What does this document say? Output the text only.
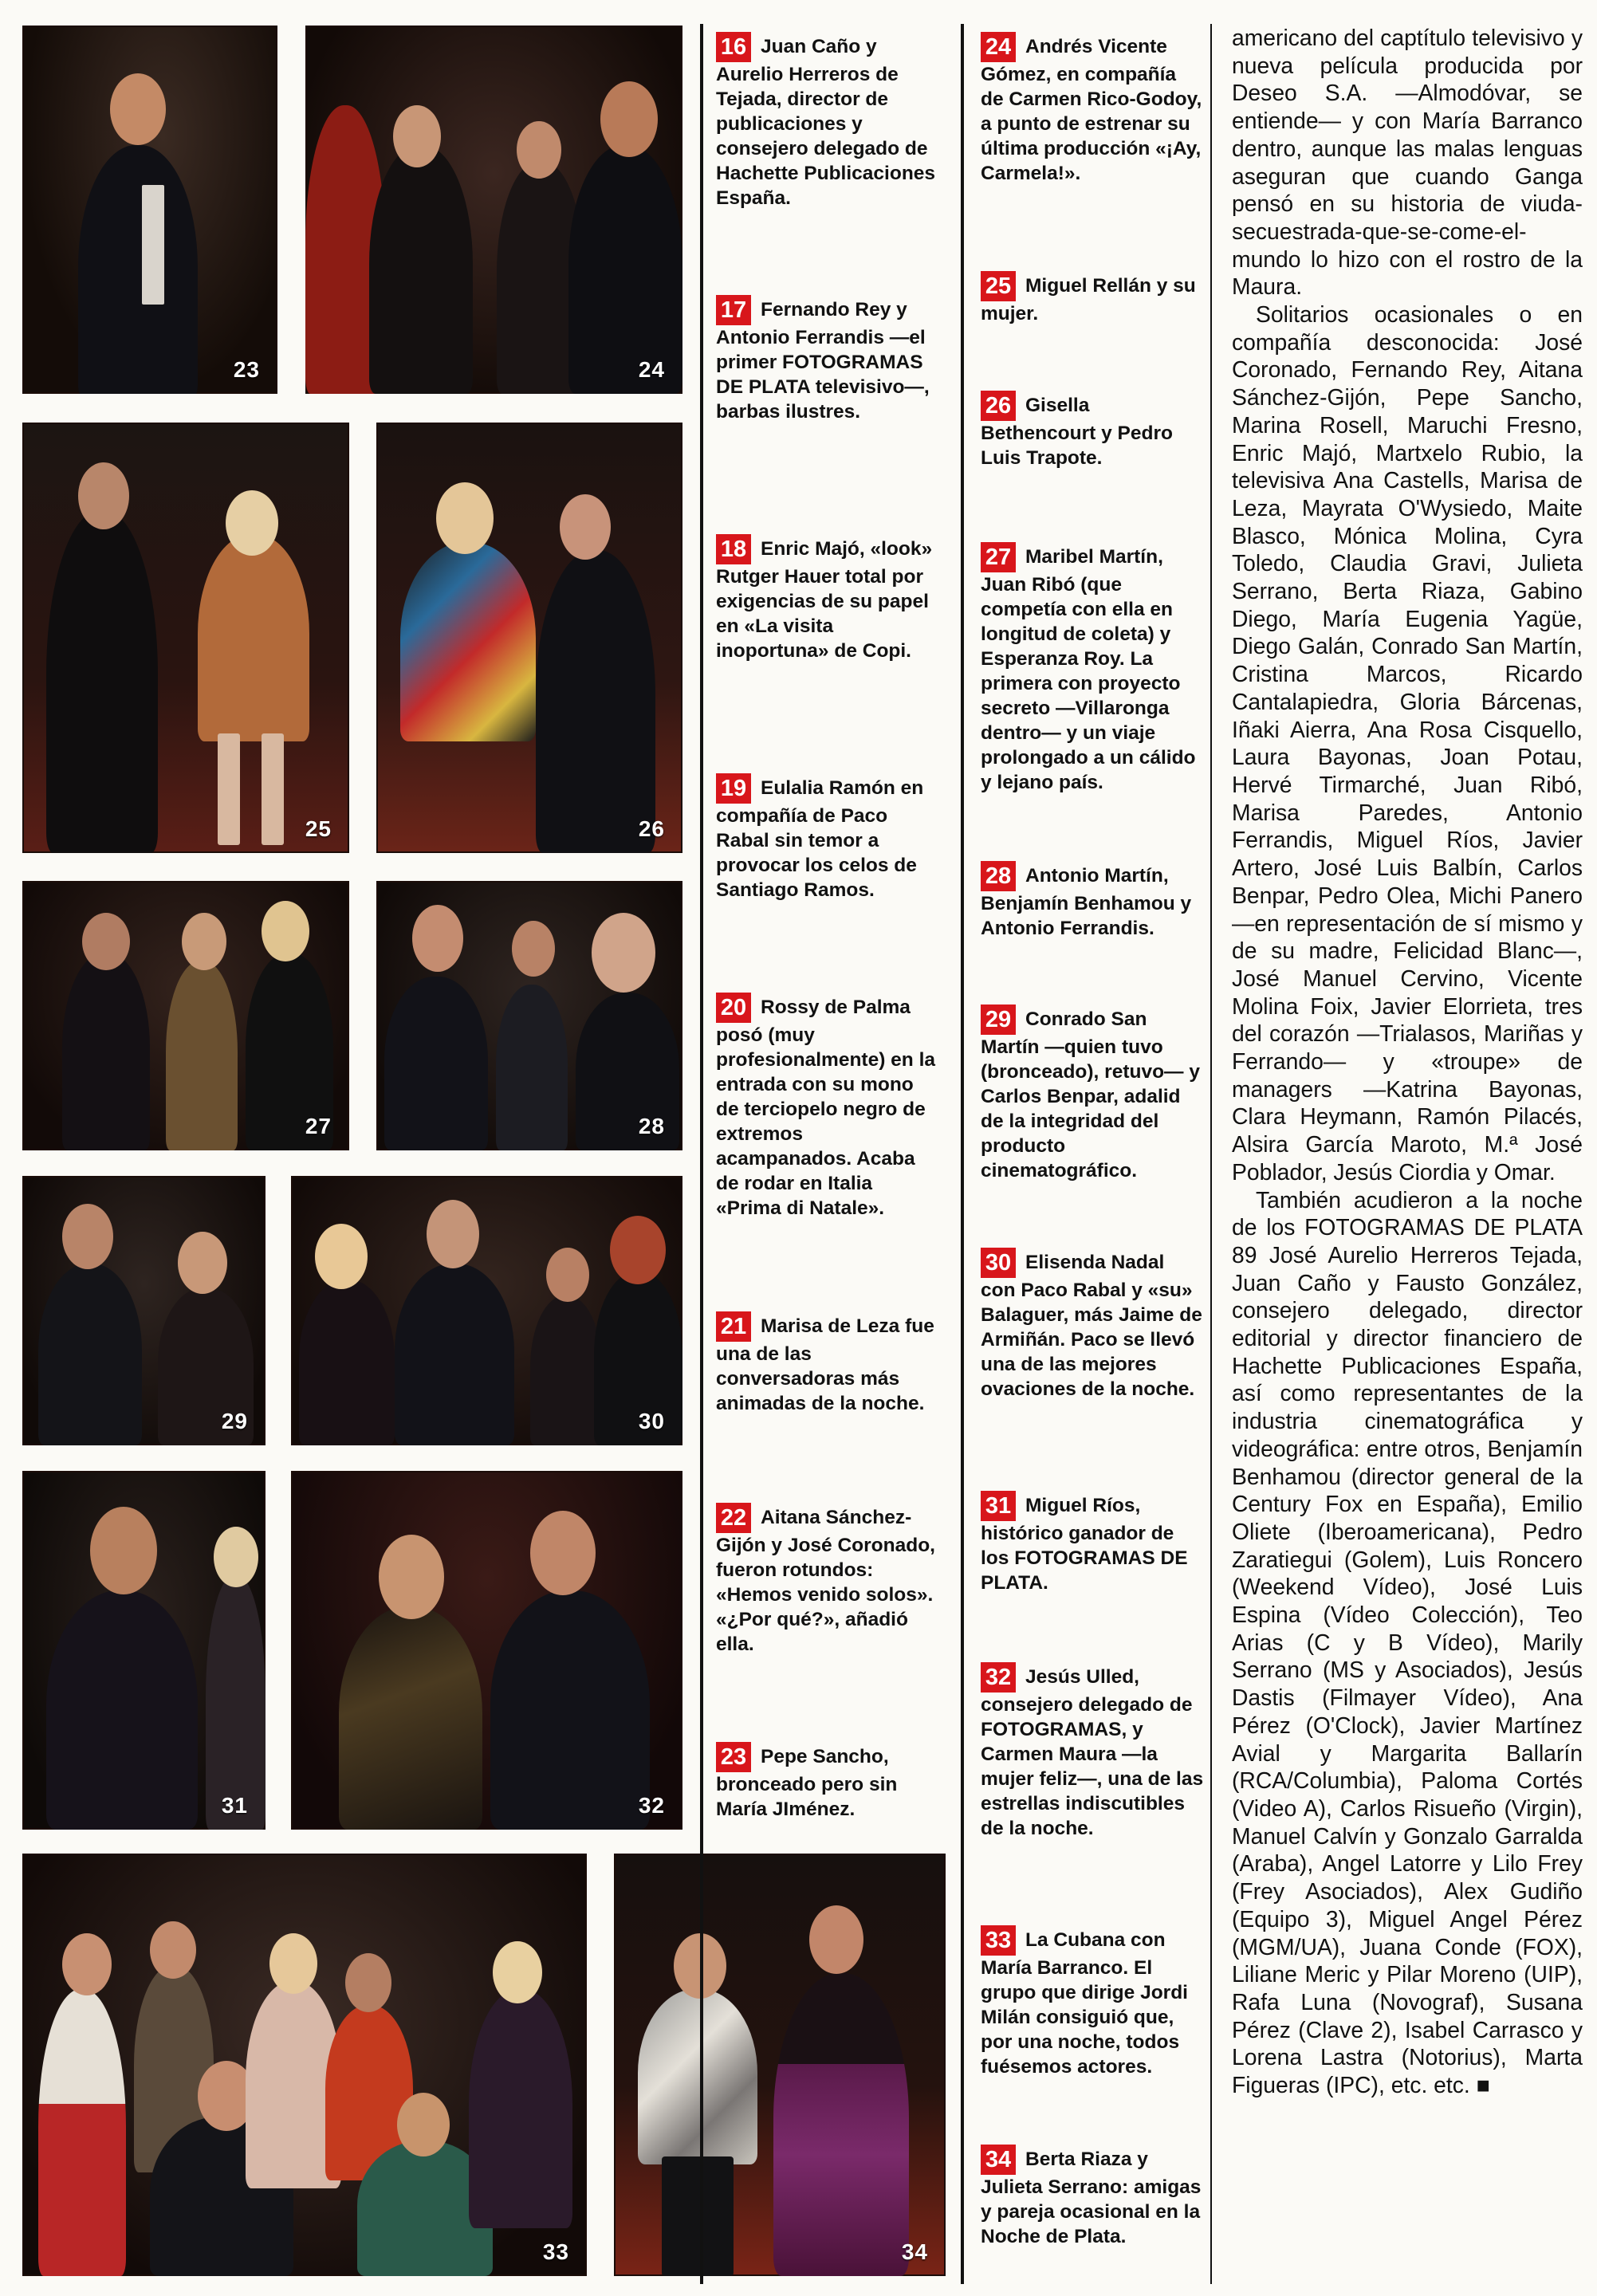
23	24
25	26
27	28
29	30
31	32
33	34

16 Juan Caño y Aurelio Herreros de Tejada, director de publicaciones y consejero delegado de Hachette Publicaciones España.

17 Fernando Rey y Antonio Ferrandis —el primer FOTOGRAMAS DE PLATA televisivo—, barbas ilustres.

18 Enric Majó, «look» Rutger Hauer total por exigencias de su papel en «La visita inoportuna» de Copi.

19 Eulalia Ramón en compañía de Paco Rabal sin temor a provocar los celos de Santiago Ramos.

20 Rossy de Palma posó (muy profesionalmente) en la entrada con su mono de terciopelo negro de extremos acampanados. Acaba de rodar en Italia «Prima di Natale».

21 Marisa de Leza fue una de las conversadoras más animadas de la noche.

22 Aitana Sánchez-Gijón y José Coronado, fueron rotundos: «Hemos venido solos». «¿Por qué?», añadió ella.

23 Pepe Sancho, bronceado pero sin María JIménez.

24 Andrés Vicente Gómez, en compañía de Carmen Rico-Godoy, a punto de estrenar su última producción «¡Ay, Carmela!».

25 Miguel Rellán y su mujer.

26 Gisella Bethencourt y Pedro Luis Trapote.

27 Maribel Martín, Juan Ribó (que competía con ella en longitud de coleta) y Esperanza Roy. La primera con proyecto secreto —Villaronga dentro— y un viaje prolongado a un cálido y lejano país.

28 Antonio Martín, Benjamín Benhamou y Antonio Ferrandis.

29 Conrado San Martín —quien tuvo (bronceado), retuvo— y Carlos Benpar, adalid de la integridad del producto cinematográfico.

30 Elisenda Nadal con Paco Rabal y «su» Balaguer, más Jaime de Armiñán. Paco se llevó una de las mejores ovaciones de la noche.

31 Miguel Ríos, histórico ganador de los FOTOGRAMAS DE PLATA.

32 Jesús Ulled, consejero delegado de FOTOGRAMAS, y Carmen Maura —la mujer feliz—, una de las estrellas indiscutibles de la noche.

33 La Cubana con María Barranco. El grupo que dirige Jordi Milán consiguió que, por una noche, todos fuésemos actores.

34 Berta Riaza y Julieta Serrano: amigas y pareja ocasional en la Noche de Plata.

americano del captítulo televisivo y nueva película producida por Deseo S.A. —Almodóvar, se entiende— y con María Barranco dentro, aunque las malas lenguas aseguran que cuando Ganga pensó en su historia de viuda-secuestrada-que-se-come-el-mundo lo hizo con el rostro de la Maura.

Solitarios ocasionales o en compañía desconocida: José Coronado, Fernando Rey, Aitana Sánchez-Gijón, Pepe Sancho, Marina Rosell, Maruchi Fresno, Enric Majó, Martxelo Rubio, la televisiva Ana Castells, Marisa de Leza, Mayrata O'Wysiedo, Maite Blasco, Mónica Molina, Cyra Toledo, Claudia Gravi, Julieta Serrano, Berta Riaza, Gabino Diego, María Eugenia Yagüe, Diego Galán, Conrado San Martín, Cristina Marcos, Ricardo Cantalapiedra, Gloria Bárcenas, Iñaki Aierra, Ana Rosa Cisquello, Laura Bayonas, Joan Potau, Hervé Tirmarché, Juan Ribó, Marisa Paredes, Antonio Ferrandis, Miguel Ríos, Javier Artero, José Luis Balbín, Carlos Benpar, Pedro Olea, Michi Panero —en representación de sí mismo y de su madre, Felicidad Blanc—, José Manuel Cervino, Vicente Molina Foix, Javier Elorrieta, tres del corazón —Trialasos, Mariñas y Ferrando— y «troupe» de managers —Katrina Bayonas, Clara Heymann, Ramón Pilacés, Alsira García Maroto, M.ª José Poblador, Jesús Ciordia y Omar.

También acudieron a la noche de los FOTOGRAMAS DE PLATA 89 José Aurelio Herreros Tejada, Juan Caño y Fausto González, consejero delegado, director editorial y director financiero de Hachette Publicaciones España, así como representantes de la industria cinematográfica y videográfica: entre otros, Benjamín Benhamou (director general de la Century Fox en España), Emilio Oliete (Iberoamericana), Pedro Zaratiegui (Golem), Luis Roncero (Weekend Vídeo), José Luis Espina (Vídeo Colección), Teo Arias (C y B Vídeo), Marily Serrano (MS y Asociados), Jesús Dastis (Filmayer Vídeo), Ana Pérez (O'Clock), Javier Martínez Avial y Margarita Ballarín (RCA/Columbia), Paloma Cortés (Video A), Carlos Risueño (Virgin), Manuel Calvín y Gonzalo Garralda (Araba), Angel Latorre y Lilo Frey (Frey Asociados), Alex Gudiño (Equipo 3), Miguel Angel Pérez (MGM/UA), Juana Conde (FOX), Liliane Meric y Pilar Moreno (UIP), Rafa Luna (Novograf), Susana Pérez (Clave 2), Isabel Carrasco y Lorena Lastra (Notorius), Marta Figueras (IPC), etc. etc. ■
